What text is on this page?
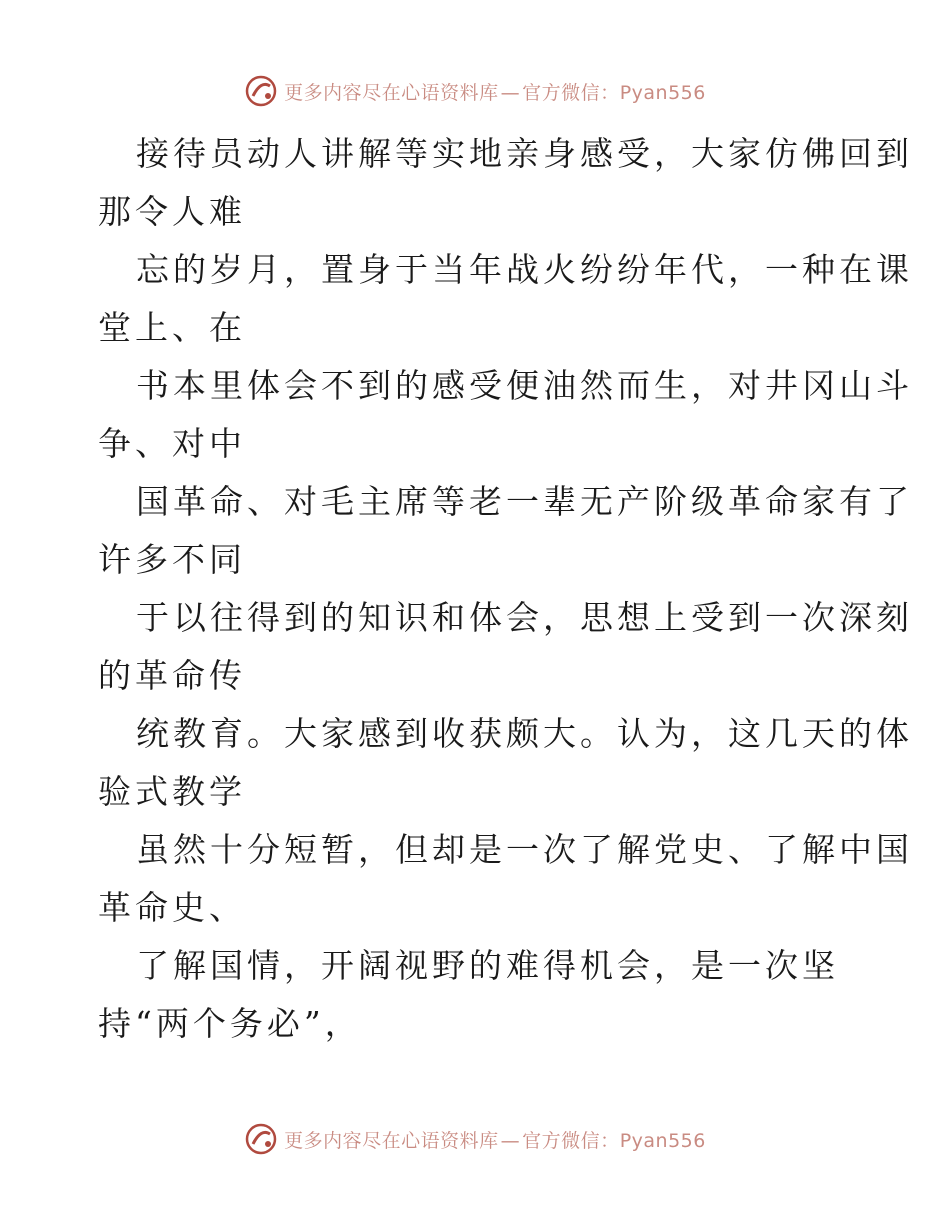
更多内容尽在心语资料库 — 官方微信：Pyan556

接待员动人讲解等实地亲身感受，大家仿佛回到

那令人难

忘的岁月，置身于当年战火纷纷年代，一种在课

堂上、在

书本里体会不到的感受便油然而生，对井冈山斗

争、对中

国革命、对毛主席等老一辈无产阶级革命家有了

许多不同

于以往得到的知识和体会，思想上受到一次深刻

的革命传

统教育。大家感到收获颇大。认为，这几天的体

验式教学

虽然十分短暂，但却是一次了解党史、了解中国

革命史、

了解国情，开阔视野的难得机会，是一次坚

持“两个务必”，

更多内容尽在心语资料库 — 官方微信：Pyan556
